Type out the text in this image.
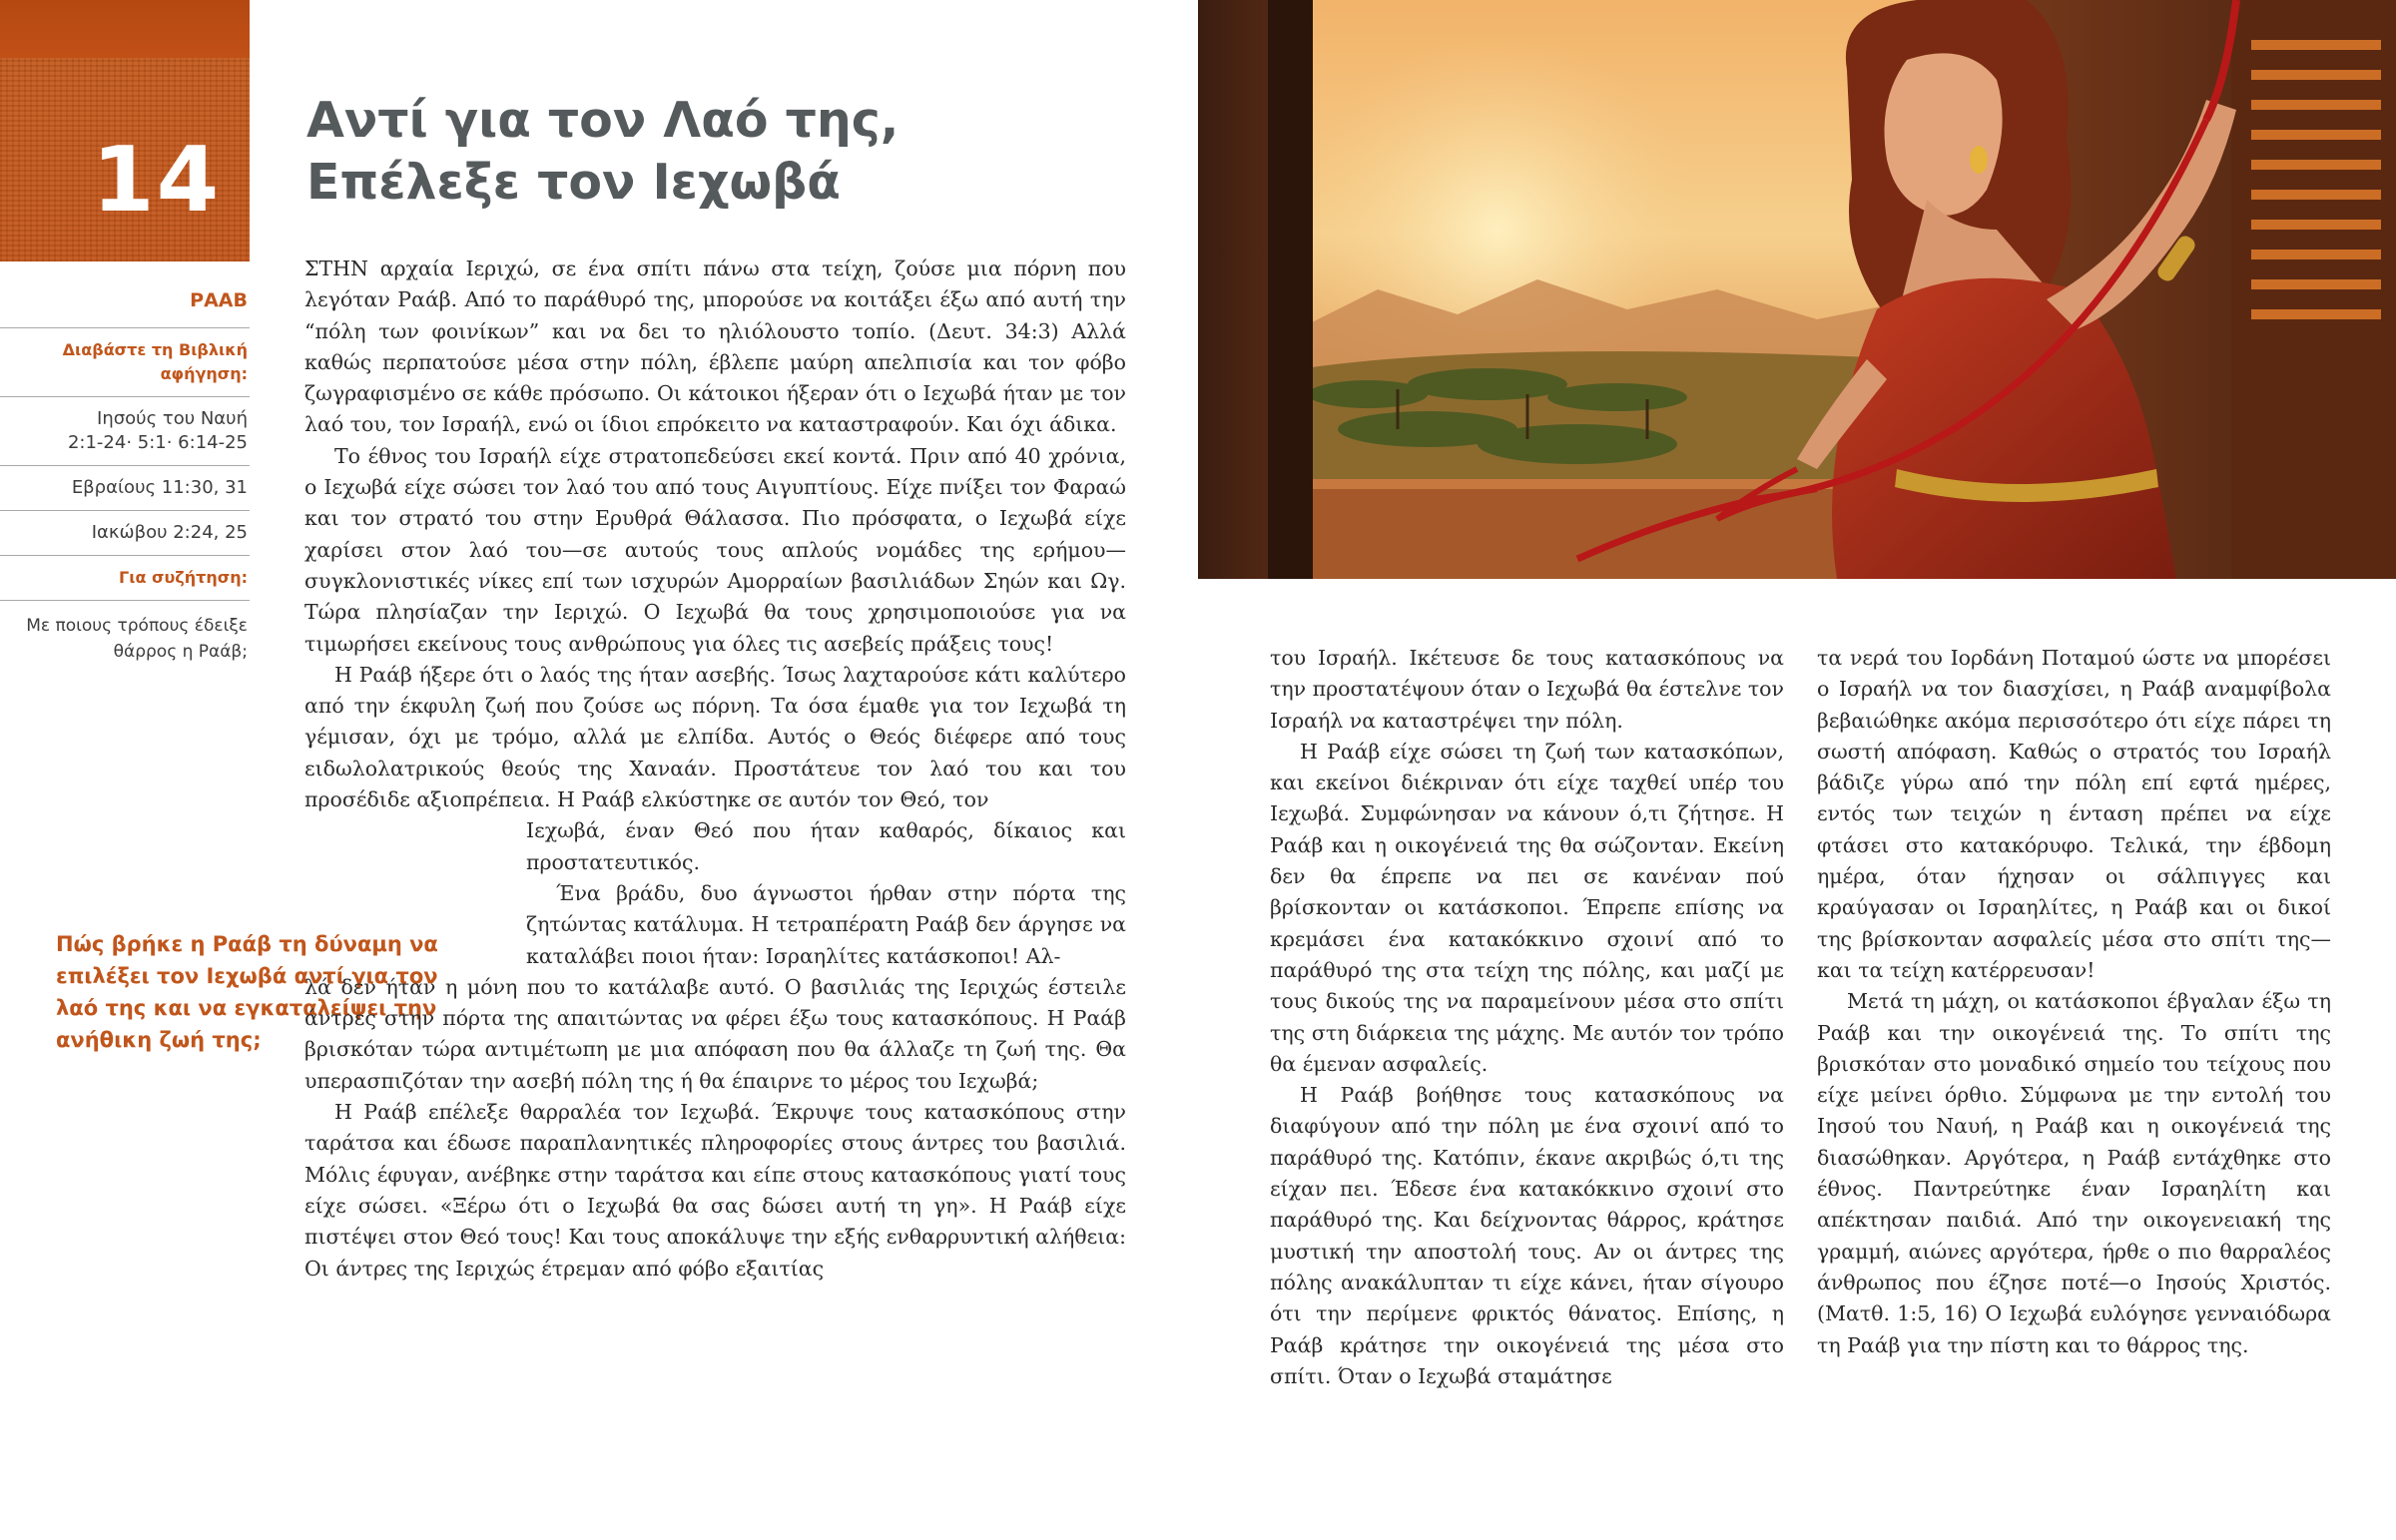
14
ΡΑΑΒ
Διαβάστε τη Βιβλική αφήγηση:
Ιησούς του Ναυή
2:1-24· 5:1· 6:14-25
Εβραίους 11:30, 31
Ιακώβου 2:24, 25
Για συζήτηση:
Με ποιους τρόπους έδειξε θάρρος η Ραάβ;
Πώς βρήκε η Ραάβ τη δύναμη να επιλέξει τον Ιεχωβά αντί για τον λαό της και να εγκαταλείψει την ανήθικη ζωή της;
Αντί για τον Λαό της,
Επέλεξε τον Ιεχωβά

ΣΤΗΝ αρχαία Ιεριχώ, σε ένα σπίτι πάνω στα τείχη, ζούσε μια πόρνη που λεγόταν Ραάβ. Από το παράθυρό της, μπορούσε να κοιτάξει έξω από αυτή την “πόλη των φοινίκων” και να δει το ηλιόλουστο τοπίο. (Δευτ. 34:3) Αλλά καθώς περπατούσε μέσα στην πόλη, έβλεπε μαύρη απελπισία και τον φόβο ζωγραφισμένο σε κάθε πρόσωπο. Οι κάτοικοι ήξεραν ότι ο Ιεχωβά ήταν με τον λαό του, τον Ισραήλ, ενώ οι ίδιοι επρόκειτο να καταστραφούν. Και όχι άδικα.

Το έθνος του Ισραήλ είχε στρατοπεδεύσει εκεί κοντά. Πριν από 40 χρόνια, ο Ιεχωβά είχε σώσει τον λαό του από τους Αιγυπτίους. Είχε πνίξει τον Φαραώ και τον στρατό του στην Ερυθρά Θάλασσα. Πιο πρόσφατα, ο Ιεχωβά είχε χαρίσει στον λαό του—σε αυτούς τους απλούς νομάδες της ερήμου—συγκλονιστικές νίκες επί των ισχυρών Αμορραίων βασιλιάδων Σηών και Ωγ. Τώρα πλησίαζαν την Ιεριχώ. Ο Ιεχωβά θα τους χρησιμοποιούσε για να τιμωρήσει εκείνους τους ανθρώπους για όλες τις ασεβείς πράξεις τους!

Η Ραάβ ήξερε ότι ο λαός της ήταν ασεβής. Ίσως λαχταρούσε κάτι καλύτερο από την έκφυλη ζωή που ζούσε ως πόρνη. Τα όσα έμαθε για τον Ιεχωβά τη γέμισαν, όχι με τρόμο, αλλά με ελπίδα. Αυτός ο Θεός διέφερε από τους ειδωλολατρικούς θεούς της Χαναάν. Προστάτευε τον λαό του και του προσέδιδε αξιοπρέπεια. Η Ραάβ ελκύστηκε σε αυτόν τον Θεό, τον

Ιεχωβά, έναν Θεό που ήταν καθαρός, δίκαιος και προστατευτικός.

Ένα βράδυ, δυο άγνωστοι ήρθαν στην πόρτα της ζητώντας κατάλυμα. Η τετραπέρατη Ραάβ δεν άργησε να καταλάβει ποιοι ήταν: Ισραηλίτες κατάσκοποι! Αλ-

λά δεν ήταν η μόνη που το κατάλαβε αυτό. Ο βασιλιάς της Ιεριχώς έστειλε άντρες στην πόρτα της απαιτώντας να φέρει έξω τους κατασκόπους. Η Ραάβ βρισκόταν τώρα αντιμέτωπη με μια απόφαση που θα άλλαζε τη ζωή της. Θα υπερασπιζόταν την ασεβή πόλη της ή θα έπαιρνε το μέρος του Ιεχωβά;

Η Ραάβ επέλεξε θαρραλέα τον Ιεχωβά. Έκρυψε τους κατασκόπους στην ταράτσα και έδωσε παραπλανητικές πληροφορίες στους άντρες του βασιλιά. Μόλις έφυγαν, ανέβηκε στην ταράτσα και είπε στους κατασκόπους γιατί τους είχε σώσει. «Ξέρω ότι ο Ιεχωβά θα σας δώσει αυτή τη γη». Η Ραάβ είχε πιστέψει στον Θεό τους! Και τους αποκάλυψε την εξής ενθαρρυντική αλήθεια: Οι άντρες της Ιεριχώς έτρεμαν από φόβο εξαιτίας

του Ισραήλ. Ικέτευσε δε τους κατασκόπους να την προστατέψουν όταν ο Ιεχωβά θα έστελνε τον Ισραήλ να καταστρέψει την πόλη.

Η Ραάβ είχε σώσει τη ζωή των κατασκόπων, και εκείνοι διέκριναν ότι είχε ταχθεί υπέρ του Ιεχωβά. Συμφώνησαν να κάνουν ό,τι ζήτησε. Η Ραάβ και η οικογένειά της θα σώζονταν. Εκείνη δεν θα έπρεπε να πει σε κανέναν πού βρίσκονταν οι κατάσκοποι. Έπρεπε επίσης να κρεμάσει ένα κατακόκκινο σχοινί από το παράθυρό της στα τείχη της πόλης, και μαζί με τους δικούς της να παραμείνουν μέσα στο σπίτι της στη διάρκεια της μάχης. Με αυτόν τον τρόπο θα έμεναν ασφαλείς.

Η Ραάβ βοήθησε τους κατασκόπους να διαφύγουν από την πόλη με ένα σχοινί από το παράθυρό της. Κατόπιν, έκανε ακριβώς ό,τι της είχαν πει. Έδεσε ένα κατακόκκινο σχοινί στο παράθυρό της. Και δείχνοντας θάρρος, κράτησε μυστική την αποστολή τους. Αν οι άντρες της πόλης ανακάλυπταν τι είχε κάνει, ήταν σίγουρο ότι την περίμενε φρικτός θάνατος. Επίσης, η Ραάβ κράτησε την οικογένειά της μέσα στο σπίτι. Όταν ο Ιεχωβά σταμάτησε

τα νερά του Ιορδάνη Ποταμού ώστε να μπορέσει ο Ισραήλ να τον διασχίσει, η Ραάβ αναμφίβολα βεβαιώθηκε ακόμα περισσότερο ότι είχε πάρει τη σωστή απόφαση. Καθώς ο στρατός του Ισραήλ βάδιζε γύρω από την πόλη επί εφτά ημέρες, εντός των τειχών η ένταση πρέπει να είχε φτάσει στο κατακόρυφο. Τελικά, την έβδομη ημέρα, όταν ήχησαν οι σάλπιγγες και κραύγασαν οι Ισραηλίτες, η Ραάβ και οι δικοί της βρίσκονταν ασφαλείς μέσα στο σπίτι της—και τα τείχη κατέρρευσαν!

Μετά τη μάχη, οι κατάσκοποι έβγαλαν έξω τη Ραάβ και την οικογένειά της. Το σπίτι της βρισκόταν στο μοναδικό σημείο του τείχους που είχε μείνει όρθιο. Σύμφωνα με την εντολή του Ιησού του Ναυή, η Ραάβ και η οικογένειά της διασώθηκαν. Αργότερα, η Ραάβ εντάχθηκε στο έθνος. Παντρεύτηκε έναν Ισραηλίτη και απέκτησαν παιδιά. Από την οικογενειακή της γραμμή, αιώνες αργότερα, ήρθε ο πιο θαρραλέος άνθρωπος που έζησε ποτέ—ο Ιησούς Χριστός. (Ματθ. 1:5, 16) Ο Ιεχωβά ευλόγησε γενναιόδωρα τη Ραάβ για την πίστη και το θάρρος της.
